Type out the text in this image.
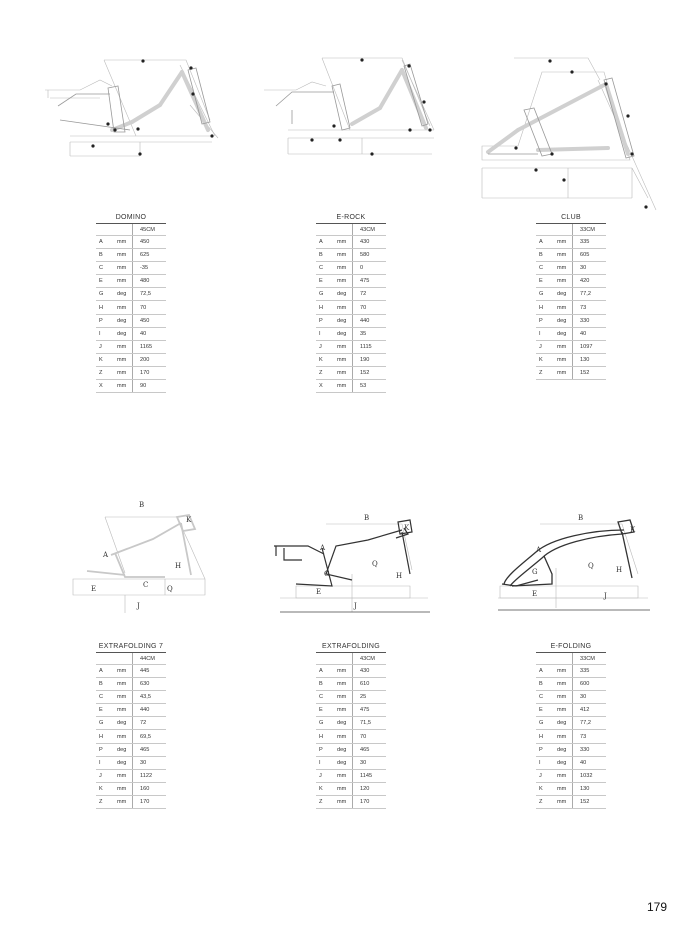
B
K
A
H
C
E	Q
J
B
K
A
Q
G	H
E
J
B
K
A
Q
G	H
E	J
DOMINO		
		45CM
A	mm	450
B	mm	625
C	mm	-35
E	mm	480
G	deg	72,5
H	mm	70
P	deg	450
I	deg	40
J	mm	1165
K	mm	200
Z	mm	170
X	mm	90
E-ROCK		
		43CM
A	mm	430
B	mm	580
C	mm	0
E	mm	475
G	deg	72
H	mm	70
P	deg	440
I	deg	35
J	mm	1115
K	mm	190
Z	mm	152
X	mm	53
CLUB		
		33CM
A	mm	335
B	mm	605
C	mm	30
E	mm	420
G	deg	77,2
H	mm	73
P	deg	330
I	deg	40
J	mm	1097
K	mm	130
Z	mm	152
EXTRAFOLDING 7		
		44CM
A	mm	445
B	mm	630
C	mm	43,5
E	mm	440
G	deg	72
H	mm	69,5
P	deg	465
I	deg	30
J	mm	1122
K	mm	160
Z	mm	170
EXTRAFOLDING		
		43CM
A	mm	430
B	mm	610
C	mm	25
E	mm	475
G	deg	71,5
H	mm	70
P	deg	465
I	deg	30
J	mm	1145
K	mm	120
Z	mm	170
E-FOLDING		
		33CM
A	mm	335
B	mm	600
C	mm	30
E	mm	412
G	deg	77,2
H	mm	73
P	deg	330
I	deg	40
J	mm	1032
K	mm	130
Z	mm	152
179
